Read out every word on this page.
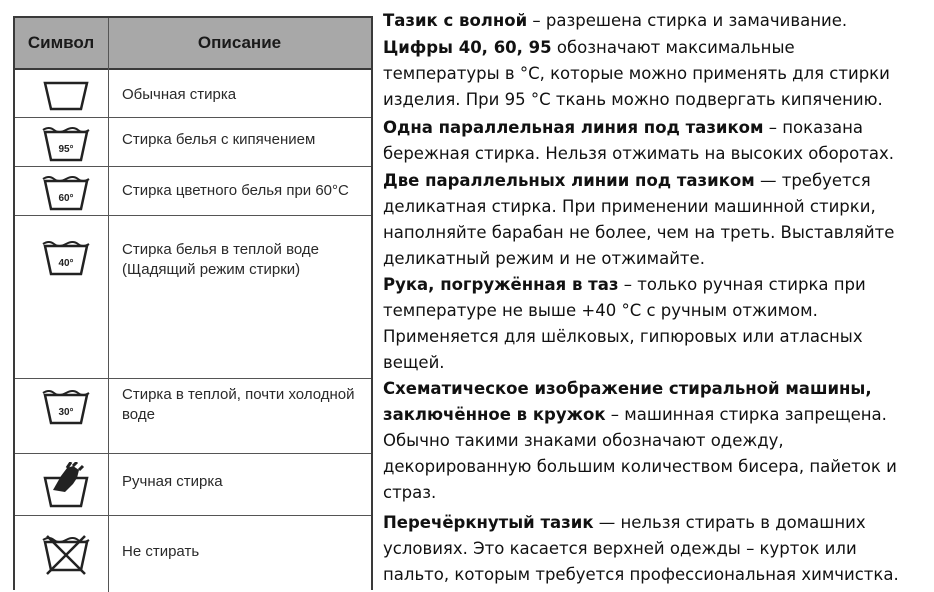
Символ	Описание
Обычная стирка
95°
Стирка белья с кипячением
60°	Стирка цветного белья при 60°С
40°
Стирка белья в теплой воде
(Щадящий режим стирки)
30°
Стирка в теплой, почти холодной
воде
Ручная стирка
Не стирать
Тазик с волной – разрешена стирка и замачивание.
Цифры 40, 60, 95 обозначают максимальные
температуры в °С, которые можно применять для стирки
изделия. При 95 °С ткань можно подвергать кипячению.
Одна параллельная линия под тазиком – показана
бережная стирка. Нельзя отжимать на высоких оборотах.
Две параллельных линии под тазиком — требуется
деликатная стирка. При применении машинной стирки,
наполняйте барабан не более, чем на треть. Выставляйте
деликатный режим и не отжимайте.
Рука, погружённая в таз – только ручная стирка при
температуре не выше +40 °С с ручным отжимом.
Применяется для шёлковых, гипюровых или атласных
вещей.
Схематическое изображение стиральной машины,
заключённое в кружок – машинная стирка запрещена.
Обычно такими знаками обозначают одежду,
декорированную большим количеством бисера, пайеток и
страз.
Перечёркнутый тазик — нельзя стирать в домашних
условиях. Это касается верхней одежды – курток или
пальто, которым требуется профессиональная химчистка.
